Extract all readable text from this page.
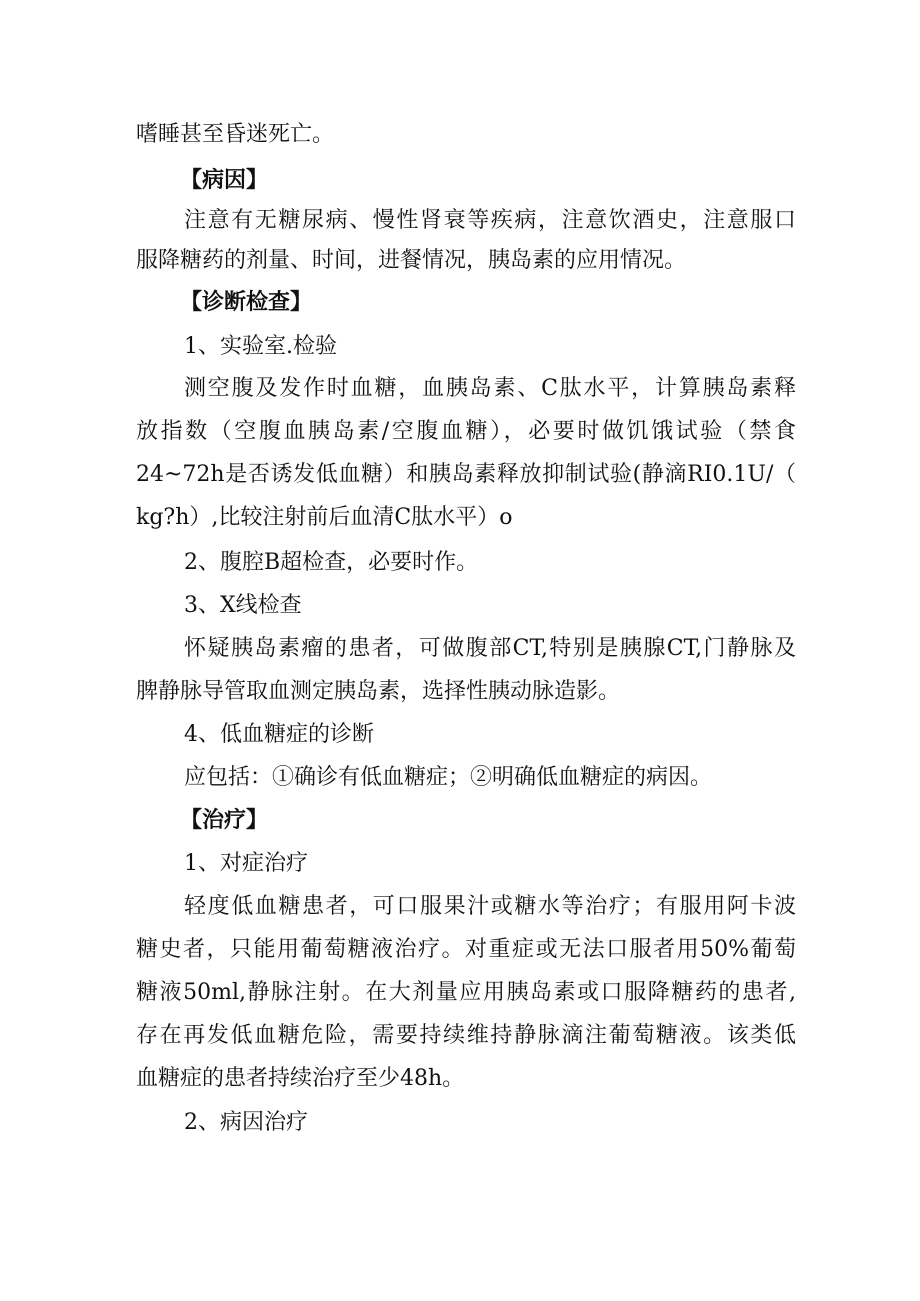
嗜睡甚至昏迷死亡。

【病因】

注意有无糖尿病、慢性肾衰等疾病，注意饮酒史，注意服口

服降糖药的剂量、时间，进餐情况，胰岛素的应用情况。

【诊断检查】

1、实验室.检验

测空腹及发作时血糖，血胰岛素、C肽水平，计算胰岛素释

放指数（空腹血胰岛素/空腹血糖），必要时做饥饿试验（禁食

24~72h是否诱发低血糖）和胰岛素释放抑制试验(静滴RI0.1U/（

kg?h）,比较注射前后血清C肽水平）o

2、腹腔B超检查，必要时作。

3、X线检查

怀疑胰岛素瘤的患者，可做腹部CT,特别是胰腺CT,门静脉及

脾静脉导管取血测定胰岛素，选择性胰动脉造影。

4、低血糖症的诊断

应包括：①确诊有低血糖症；②明确低血糖症的病因。

【治疗】

1、对症治疗

轻度低血糖患者，可口服果汁或糖水等治疗；有服用阿卡波

糖史者，只能用葡萄糖液治疗。对重症或无法口服者用50%葡萄

糖液50ml,静脉注射。在大剂量应用胰岛素或口服降糖药的患者,

存在再发低血糖危险，需要持续维持静脉滴注葡萄糖液。该类低

血糖症的患者持续治疗至少48h。

2、病因治疗
